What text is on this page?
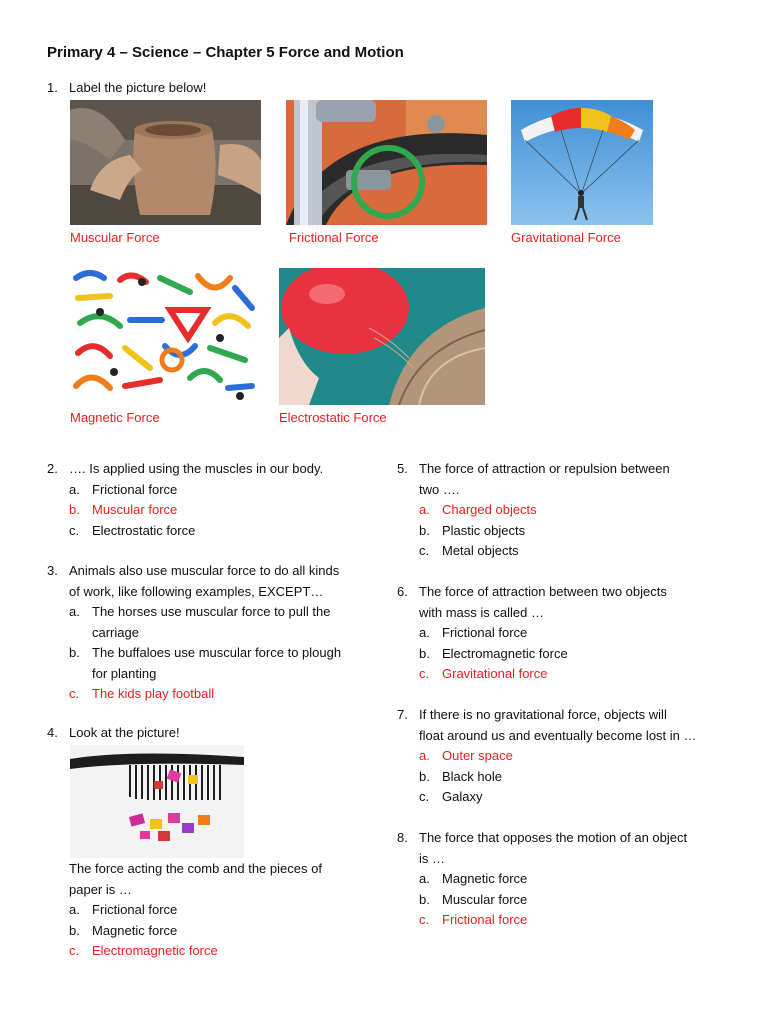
Primary 4 – Science – Chapter 5 Force and Motion
1. Label the picture below!
Muscular Force	Frictional Force	Gravitational Force
Magnetic Force	Electrostatic Force
2. …. Is applied using the muscles in our body.
a. Frictional force
b. Muscular force
c. Electrostatic force
3. Animals also use muscular force to do all kinds
of work, like following examples, EXCEPT…
a. The horses use muscular force to pull the
carriage
b. The buffaloes use muscular force to plough
for planting
c. The kids play football
4. Look at the picture!
The force acting the comb and the pieces of
paper is …
a. Frictional force
b. Magnetic force
c. Electromagnetic force
5. The force of attraction or repulsion between
two ….
a. Charged objects
b. Plastic objects
c. Metal objects
6. The force of attraction between two objects
with mass is called …
a. Frictional force
b. Electromagnetic force
c. Gravitational force
7. If there is no gravitational force, objects will
float around us and eventually become lost in …
a. Outer space
b. Black hole
c. Galaxy
8. The force that opposes the motion of an object
is …
a. Magnetic force
b. Muscular force
c. Frictional force
